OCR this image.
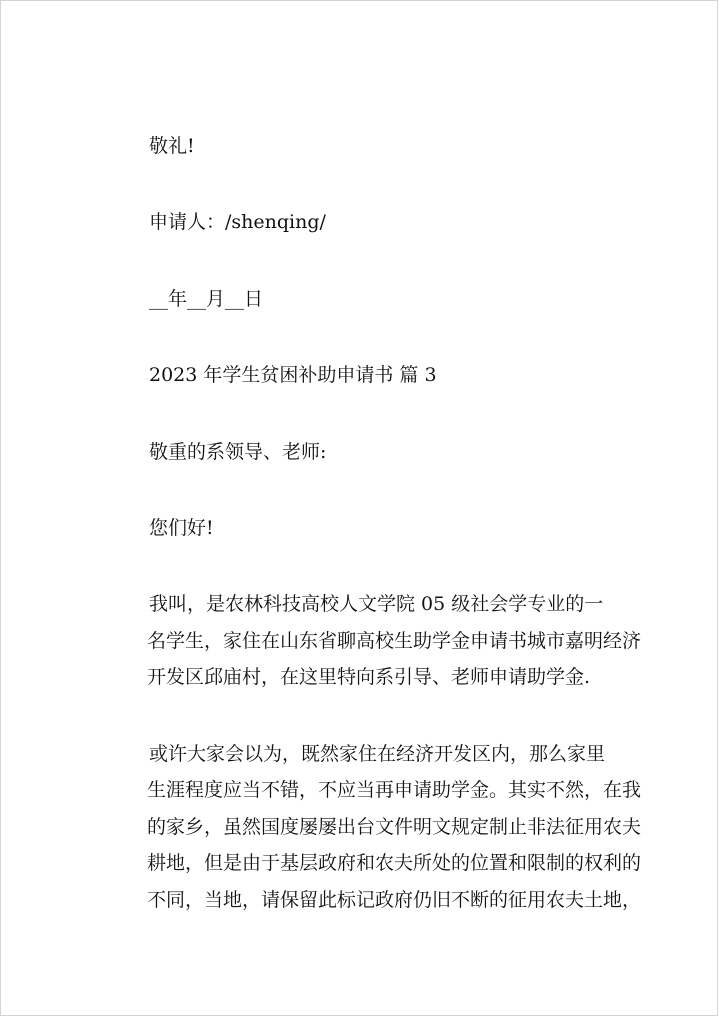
敬礼!
申请人：/shenqing/
__年__月__日
2023 年学生贫困补助申请书 篇 3
敬重的系领导、老师:
您们好!
我叫，是农林科技高校人文学院 05 级社会学专业的一
名学生，家住在山东省聊高校生助学金申请书城市嘉明经济
开发区邱庙村，在这里特向系引导、老师申请助学金.
或许大家会以为，既然家住在经济开发区内，那么家里
生涯程度应当不错，不应当再申请助学金。其实不然，在我
的家乡，虽然国度屡屡出台文件明文规定制止非法征用农夫
耕地，但是由于基层政府和农夫所处的位置和限制的权利的
不同，当地，请保留此标记政府仍旧不断的征用农夫土地，
